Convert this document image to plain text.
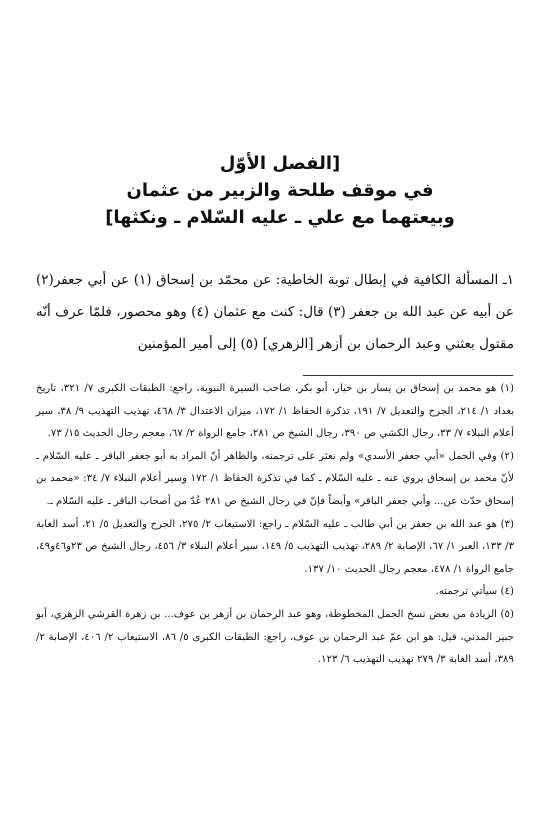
[الفصل الأوّل
في موقف طلحة والزبير من عثمان
وبيعتهما مع علي ـ عليه السّلام ـ ونكثها]
١ـ المسألة الكافية في إبطال توبة الخاطية: عن محمّد بن إسحاق (١) عن أبي جعفر(٢) عن أبيه عن عبد الله بن جعفر (٣) قال: كنت مع عثمان (٤) وهو محصور، فلمّا عرف أنّه مقتول بعثني وعبد الرحمان بن أزهر [الزهري] (٥) إلى أمير المؤمنين

(١) هو محمد بن إسحاق بن يسار بن خيار، أبو بكر، صاحب السيرة النبوية، راجع: الطبقات الكبرى ٧/ ٣٢١، تاريخ بغداد ١/ ٢١٤، الجرح والتعديل ٧/ ١٩١، تذكرة الحفاظ ١/ ١٧٢، ميزان الاعتدال ٣/ ٤٦٨، تهذيب التهذيب ٩/ ٣٨، سير أعلام النبلاء ٧/ ٣٣، رجال الكشي ص ٣٩٠، رجال الشيخ ص ٢٨١، جامع الرواة ٢/ ٦٧، معجم رجال الحديث ١٥/ ٧٣.

(٢) وفي الجمل «أبي جعفر الأسدي» ولم نعثر على ترجمته، والظاهر أنّ المراد به أبو جعفر الباقر ـ عليه السّلام ـ لأنّ محمد بن إسحاق يروي عنه ـ عليه السّلام ـ كما في تذكرة الحفاظ ١/ ١٧٢ وسير أعلام النبلاء ٧/ ٣٤: «محمد بن إسحاق حدّث عن... وأبي جعفر الباقر» وأيضاً فإنّ في رجال الشيخ ص ٢٨١ عُدّ من أصحاب الباقر ـ عليه السّلام ـ.

(٣) هو عبد الله بن جعفر بن أبي طالب ـ عليه السّلام ـ راجع: الاستيعاب ٢/ ٢٧٥، الجرح والتعديل ٥/ ٢١، أسد الغابة ٣/ ١٣٣، العبر ١/ ٦٧، الإصابة ٢/ ٢٨٩، تهذيب التهذيب ٥/ ١٤٩، سير أعلام النبلاء ٣/ ٤٥٦، رجال الشيخ ص ٢٣و٤٦و٤٩، جامع الرواة ١/ ٤٧٨، معجم رجال الحديث ١٠/ ١٣٧.

(٤) سيأتي ترجمته.

(٥) الزيادة من بعض نسخ الجمل المخطوطة، وهو عبد الرحمان بن أزهر بن عوف... بن زهرة القرشي الزهري، أبو جبير المدني، قيل: هو ابن عمّ عبد الرحمان بن عوف، راجع: الطبقات الكبرى ٥/ ٨٦، الاستيعاب ٢/ ٤٠٦، الإصابة ٢/ ٣٨٩، أسد الغابة ٣/ ٢٧٩ تهذيب التهذيب ٦/ ١٢٣.
